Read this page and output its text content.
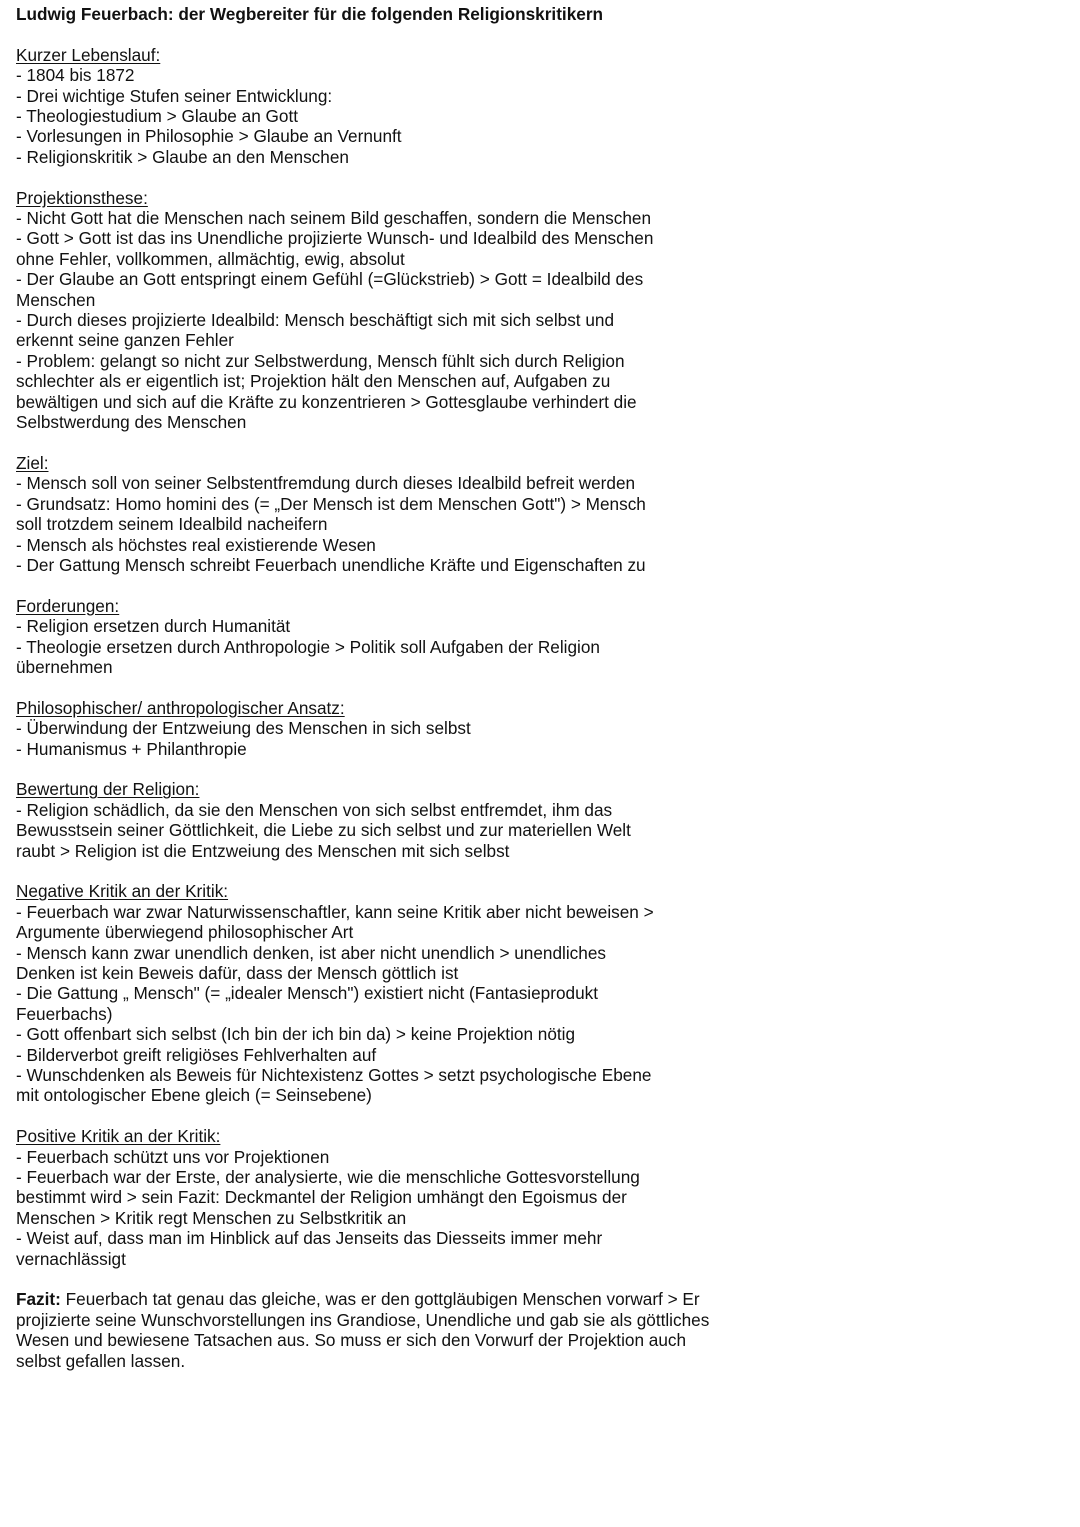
Ludwig Feuerbach: der Wegbereiter für die folgenden Religionskritikern
Kurzer Lebenslauf:
- 1804 bis 1872
- Drei wichtige Stufen seiner Entwicklung:
- Theologiestudium > Glaube an Gott
- Vorlesungen in Philosophie > Glaube an Vernunft
- Religionskritik > Glaube an den Menschen
Projektionsthese:
- Nicht Gott hat die Menschen nach seinem Bild geschaffen, sondern die Menschen
- Gott > Gott ist das ins Unendliche projizierte Wunsch- und Idealbild des Menschen
ohne Fehler, vollkommen, allmächtig, ewig, absolut
- Der Glaube an Gott entspringt einem Gefühl (=Glückstrieb) > Gott = Idealbild des
Menschen
- Durch dieses projizierte Idealbild: Mensch beschäftigt sich mit sich selbst und
erkennt seine ganzen Fehler
- Problem: gelangt so nicht zur Selbstwerdung, Mensch fühlt sich durch Religion
schlechter als er eigentlich ist; Projektion hält den Menschen auf, Aufgaben zu
bewältigen und sich auf die Kräfte zu konzentrieren > Gottesglaube verhindert die
Selbstwerdung des Menschen
Ziel:
- Mensch soll von seiner Selbstentfremdung durch dieses Idealbild befreit werden
- Grundsatz: Homo homini des (= „Der Mensch ist dem Menschen Gott") > Mensch
soll trotzdem seinem Idealbild nacheifern
- Mensch als höchstes real existierende Wesen
- Der Gattung Mensch schreibt Feuerbach unendliche Kräfte und Eigenschaften zu
Forderungen:
- Religion ersetzen durch Humanität
- Theologie ersetzen durch Anthropologie > Politik soll Aufgaben der Religion
übernehmen
Philosophischer/ anthropologischer Ansatz:
- Überwindung der Entzweiung des Menschen in sich selbst
- Humanismus + Philanthropie
Bewertung der Religion:
- Religion schädlich, da sie den Menschen von sich selbst entfremdet, ihm das
Bewusstsein seiner Göttlichkeit, die Liebe zu sich selbst und zur materiellen Welt
raubt > Religion ist die Entzweiung des Menschen mit sich selbst
Negative Kritik an der Kritik:
- Feuerbach war zwar Naturwissenschaftler, kann seine Kritik aber nicht beweisen >
Argumente überwiegend philosophischer Art
- Mensch kann zwar unendlich denken, ist aber nicht unendlich > unendliches
Denken ist kein Beweis dafür, dass der Mensch göttlich ist
- Die Gattung „ Mensch" (= „idealer Mensch") existiert nicht (Fantasieprodukt
Feuerbachs)
- Gott offenbart sich selbst (Ich bin der ich bin da) > keine Projektion nötig
- Bilderverbot greift religiöses Fehlverhalten auf
- Wunschdenken als Beweis für Nichtexistenz Gottes > setzt psychologische Ebene
mit ontologischer Ebene gleich (= Seinsebene)
Positive Kritik an der Kritik:
- Feuerbach schützt uns vor Projektionen
- Feuerbach war der Erste, der analysierte, wie die menschliche Gottesvorstellung
bestimmt wird > sein Fazit: Deckmantel der Religion umhängt den Egoismus der
Menschen > Kritik regt Menschen zu Selbstkritik an
- Weist auf, dass man im Hinblick auf das Jenseits das Diesseits immer mehr
vernachlässigt
Fazit: Feuerbach tat genau das gleiche, was er den gottgläubigen Menschen vorwarf > Er
projizierte seine Wunschvorstellungen ins Grandiose, Unendliche und gab sie als göttliches
Wesen und bewiesene Tatsachen aus. So muss er sich den Vorwurf der Projektion auch
selbst gefallen lassen.
